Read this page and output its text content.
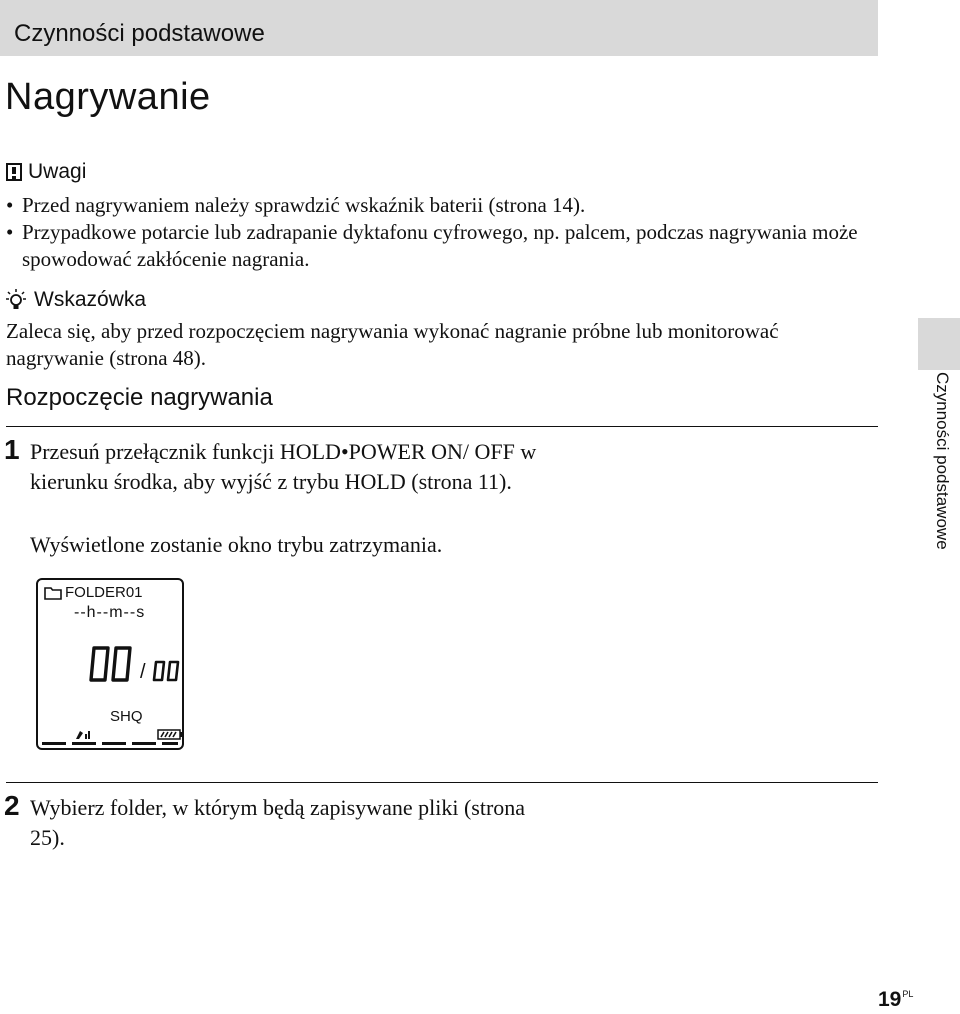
Czynności podstawowe
Nagrywanie
Uwagi

• Przed nagrywaniem należy sprawdzić wskaźnik baterii (strona 14).

• Przypadkowe potarcie lub zadrapanie dyktafonu cyfrowego, np. palcem, podczas nagrywania może spowodować zakłócenie nagrania.

Wskazówka
Zaleca się, aby przed rozpoczęciem nagrywania wykonać nagranie próbne lub monitorować nagrywanie (strona 48).
Rozpoczęcie nagrywania
1 Przesuń przełącznik funkcji HOLD•POWER ON/ OFF w kierunku środka, aby wyjść z trybu HOLD (strona 11).
Wyświetlone zostanie okno trybu zatrzymania.
FOLDER01
--h--m--s
/
SHQ
2 Wybierz folder, w którym będą zapisywane pliki (strona 25).
Czynności podstawowe
$19^{PL}$
